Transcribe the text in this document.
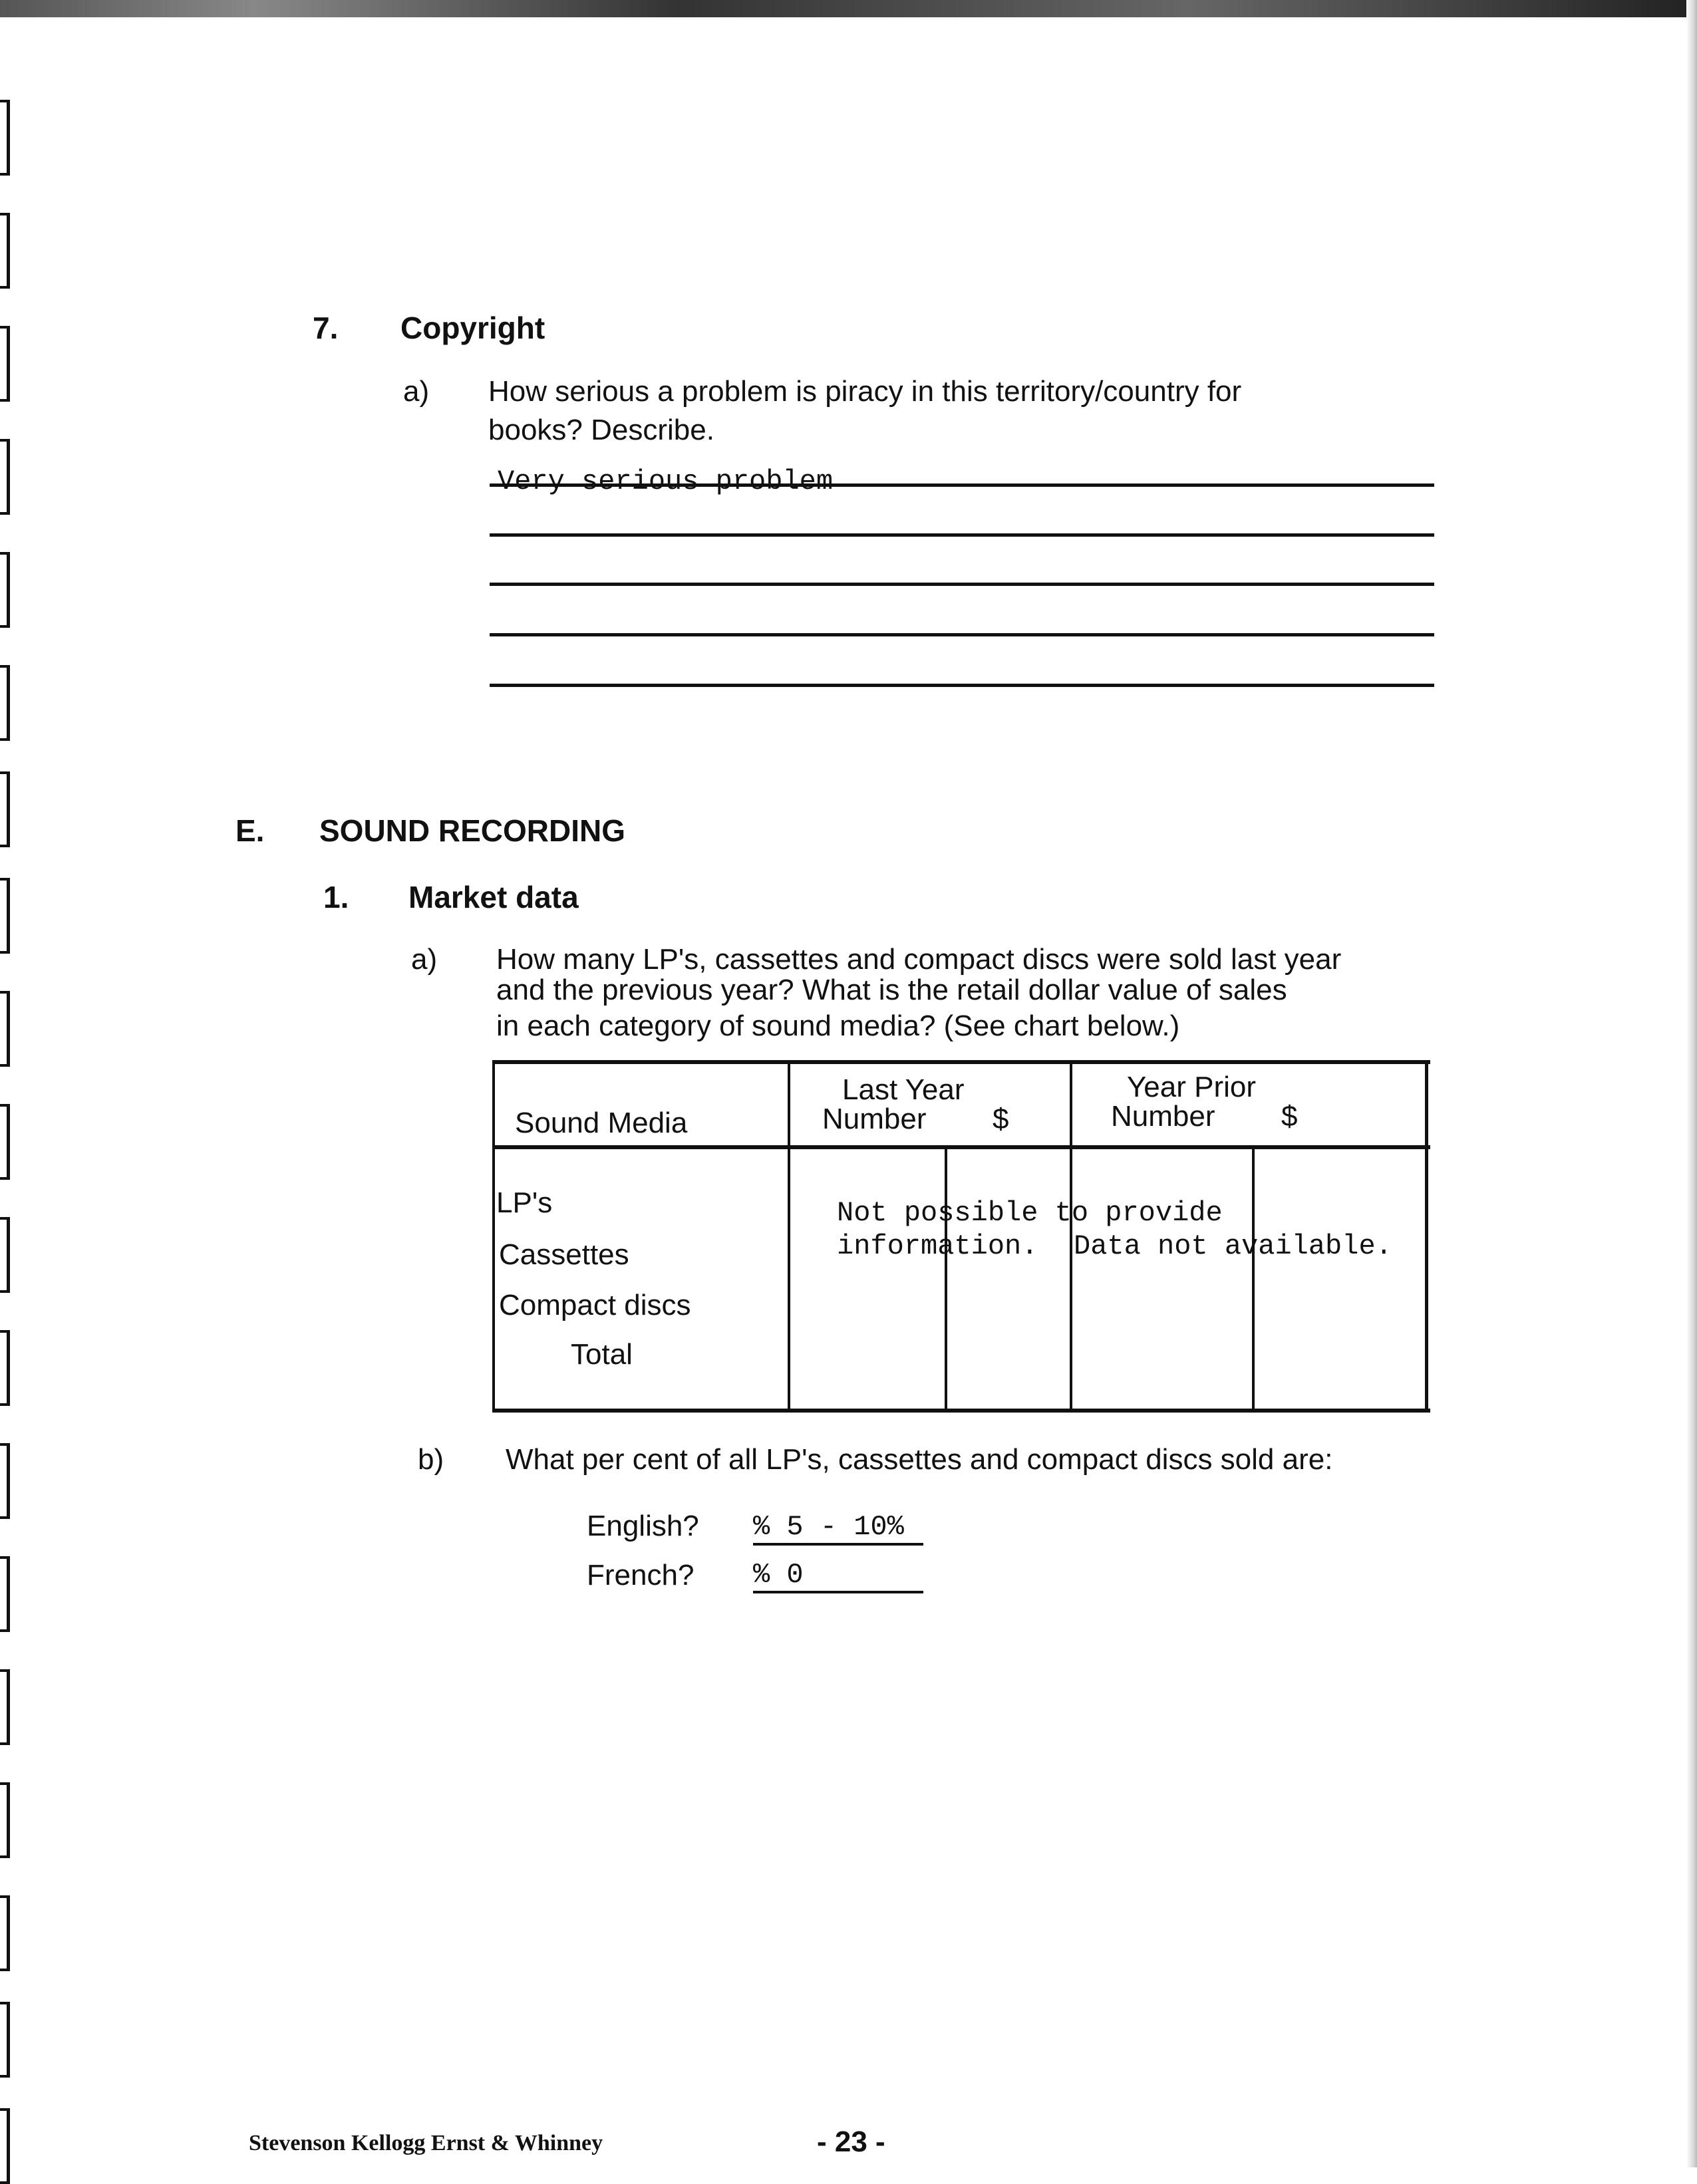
7. Copyright
a) How serious a problem is piracy in this territory/country for
books? Describe.
Very serious problem
E. SOUND RECORDING
1. Market data
a) How many LP's, cassettes and compact discs were sold last year
and the previous year? What is the retail dollar value of sales
in each category of sound media? (See chart below.)
Sound Media
Last Year
Number $
Year Prior
Number $
LP's
Cassettes
Compact discs
Total
Not possible to provide
information. Data not available.
b) What per cent of all LP's, cassettes and compact discs sold are:
English? % 5 - 10%
French? % 0
Stevenson Kellogg Ernst & Whinney	- 23 -
